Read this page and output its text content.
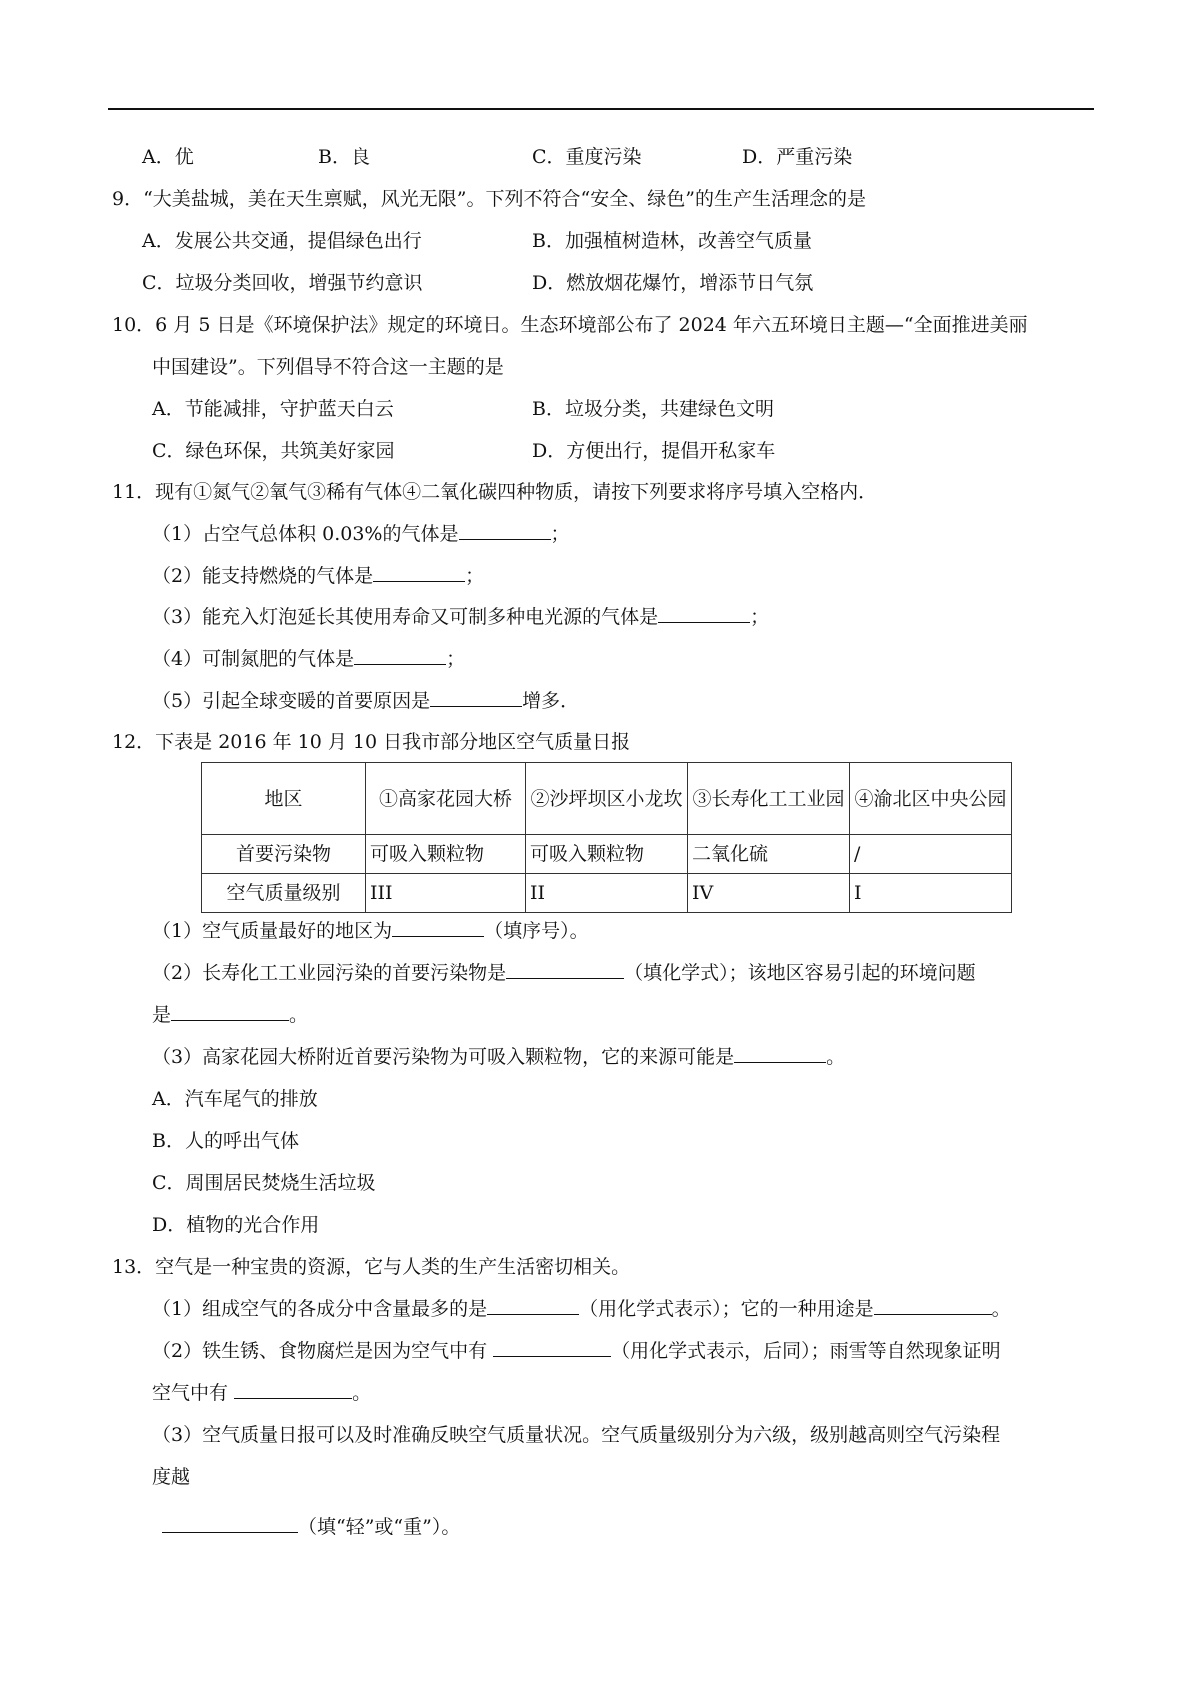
A．优	B．良	C．重度污染	D．严重污染
9．“大美盐城，美在天生禀赋，风光无限”。下列不符合“安全、绿色”的生产生活理念的是
A．发展公共交通，提倡绿色出行	B．加强植树造林，改善空气质量
C．垃圾分类回收，增强节约意识	D．燃放烟花爆竹，增添节日气氛
10．6 月 5 日是《环境保护法》规定的环境日。生态环境部公布了 2024 年六五环境日主题—“全面推进美丽
中国建设”。下列倡导不符合这一主题的是
A．节能减排，守护蓝天白云	B．垃圾分类，共建绿色文明
C．绿色环保，共筑美好家园	D．方便出行，提倡开私家车
11．现有①氮气②氧气③稀有气体④二氧化碳四种物质，请按下列要求将序号填入空格内．
（1）占空气总体积 0.03%的气体是	；
（2）能支持燃烧的气体是	；
（3）能充入灯泡延长其使用寿命又可制多种电光源的气体是	；
（4）可制氮肥的气体是	；
（5）引起全球变暖的首要原因是	增多．
12．下表是 2016 年 10 月 10 日我市部分地区空气质量日报
地区	①高家花园大桥	②沙坪坝区小龙坎	③长寿化工工业园	④渝北区中央公园
首要污染物	可吸入颗粒物	可吸入颗粒物	二氧化硫	/
空气质量级别	III	II	IV	I
（1）空气质量最好的地区为	（填序号）。
（2）长寿化工工业园污染的首要污染物是	（填化学式）；该地区容易引起的环境问题
是	。
（3）高家花园大桥附近首要污染物为可吸入颗粒物，它的来源可能是	。
A．汽车尾气的排放
B．人的呼出气体
C．周围居民焚烧生活垃圾
D．植物的光合作用
13．空气是一种宝贵的资源，它与人类的生产生活密切相关。
（1）组成空气的各成分中含量最多的是	（用化学式表示）；它的一种用途是	。
（2）铁生锈、食物腐烂是因为空气中有	（用化学式表示，后同）；雨雪等自然现象证明
空气中有	。
（3）空气质量日报可以及时准确反映空气质量状况。空气质量级别分为六级，级别越高则空气污染程
度越
（填“轻”或“重”）。
